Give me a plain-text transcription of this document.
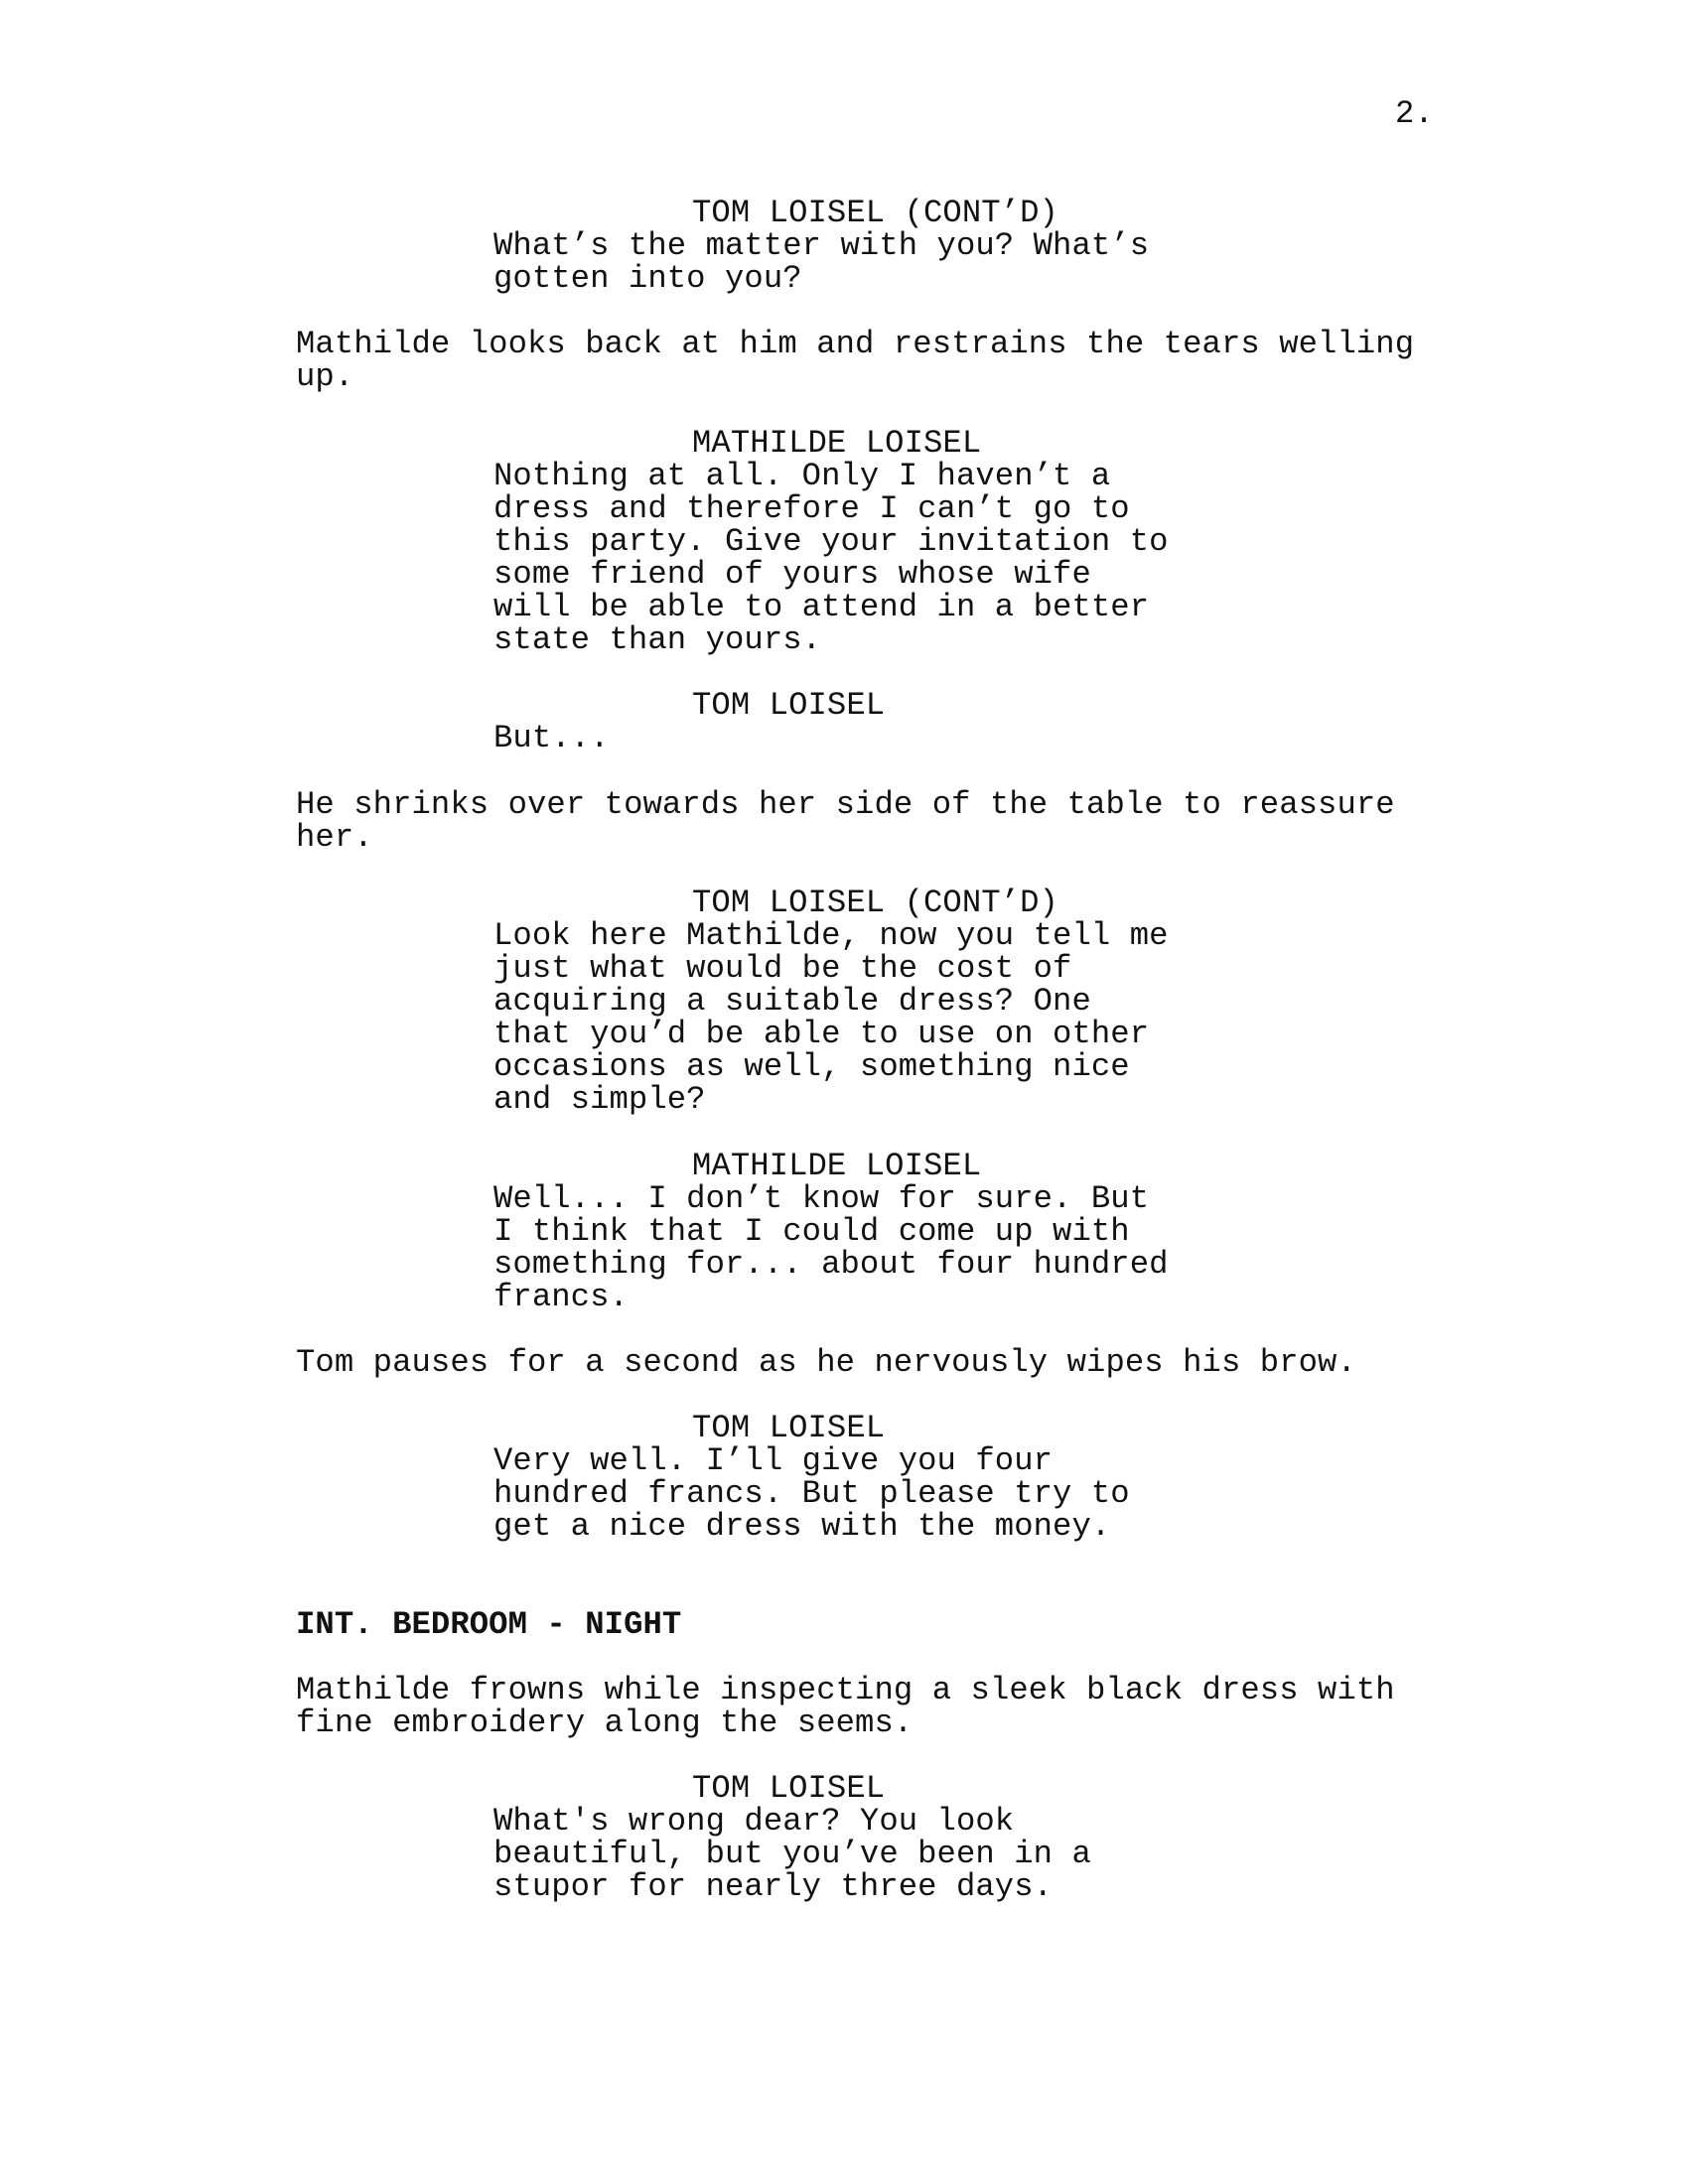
2.
TOM LOISEL (CONT’D)
What’s the matter with you? What’s
gotten into you?
Mathilde looks back at him and restrains the tears welling
up.
MATHILDE LOISEL
Nothing at all. Only I haven’t a
dress and therefore I can’t go to
this party. Give your invitation to
some friend of yours whose wife
will be able to attend in a better
state than yours.
TOM LOISEL
But...
He shrinks over towards her side of the table to reassure
her.
TOM LOISEL (CONT’D)
Look here Mathilde, now you tell me
just what would be the cost of
acquiring a suitable dress? One
that you’d be able to use on other
occasions as well, something nice
and simple?
MATHILDE LOISEL
Well... I don’t know for sure. But
I think that I could come up with
something for... about four hundred
francs.
Tom pauses for a second as he nervously wipes his brow.
TOM LOISEL
Very well. I’ll give you four
hundred francs. But please try to
get a nice dress with the money.
INT. BEDROOM - NIGHT
Mathilde frowns while inspecting a sleek black dress with
fine embroidery along the seems.
TOM LOISEL
What's wrong dear? You look
beautiful, but you’ve been in a
stupor for nearly three days.
